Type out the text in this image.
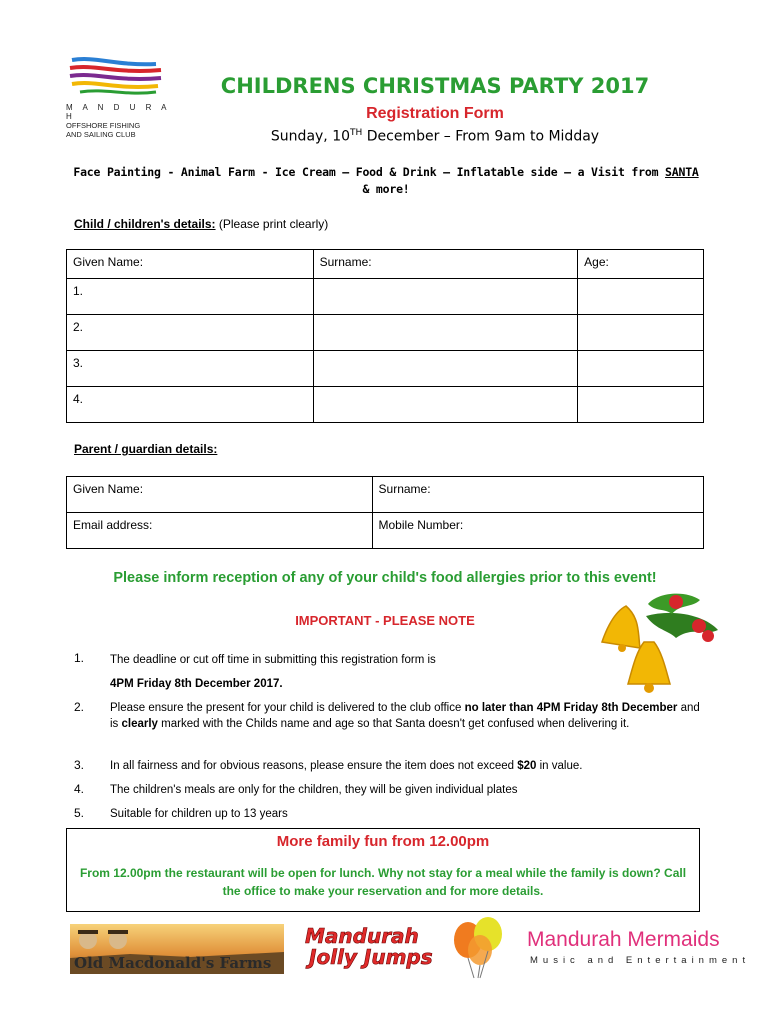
M A N D U R A H
OFFSHORE FISHING
AND SAILING CLUB
CHILDRENS CHRISTMAS PARTY 2017
Registration Form
Sunday, 10TH December – From 9am to Midday
Face Painting - Animal Farm - Ice Cream – Food & Drink – Inflatable side – a Visit from SANTA
& more!
Child / children's details: (Please print clearly)
Given Name:	Surname:	Age:
1.		
2.		
3.		
4.		
Parent / guardian details:
Given Name:	Surname:
Email address:	Mobile Number:
Please inform reception of any of your child's food allergies prior to this event!
IMPORTANT - PLEASE NOTE
1. The deadline or cut off time in submitting this registration form is
4PM Friday 8th December 2017.
2. Please ensure the present for your child is delivered to the club office no later than 4PM Friday 8th December and is clearly marked with the Childs name and age so that Santa doesn't get confused when delivering it.
3. In all fairness and for obvious reasons, please ensure the item does not exceed $20 in value.
4. The children's meals are only for the children, they will be given individual plates
5. Suitable for children up to 13 years
More family fun from 12.00pm
From 12.00pm the restaurant will be open for lunch. Why not stay for a meal while the family is down? Call the office to make your reservation and for more details.
Old Macdonald's Farms
Mandurah
Jolly Jumps
Mandurah Mermaids
Music and Entertainment
